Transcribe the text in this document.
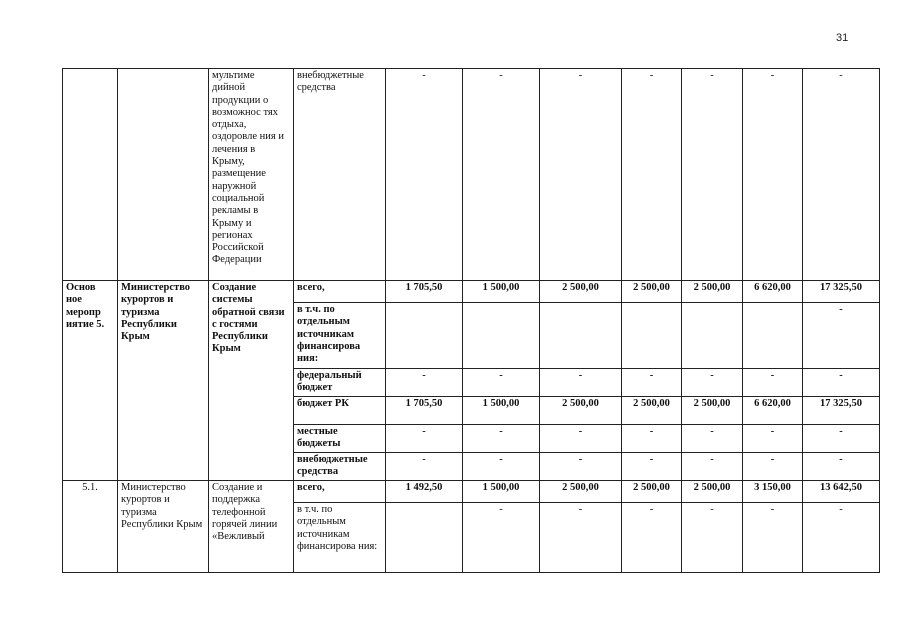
31
		мультиме дийной продукции о возможнос тях отдыха, оздоровле ния и лечения в Крыму, размещение наружной социальной рекламы в Крыму и регионах Российской Федерации	внебюджетные средства	-	-	-	-	-	-	-
Основ ное меропр иятие 5.	Министерство курортов и туризма Республики Крым	Создание системы обратной связи с гостями Республики Крым	всего,	1 705,50	1 500,00	2 500,00	2 500,00	2 500,00	6 620,00	17 325,50
			в т.ч. по отдельным источникам финансирова ния:							-
			федеральный бюджет	-	-	-	-	-	-	-
			бюджет РК	1 705,50	1 500,00	2 500,00	2 500,00	2 500,00	6 620,00	17 325,50
			местные бюджеты	-	-	-	-	-	-	-
			внебюджетные средства	-	-	-	-	-	-	-
5.1.	Министерство курортов и туризма Республики Крым	Создание и поддержка телефонной горячей линии «Вежливый	всего,	1 492,50	1 500,00	2 500,00	2 500,00	2 500,00	3 150,00	13 642,50
			в т.ч. по отдельным источникам финансирова ния:		-	-	-	-	-	-
